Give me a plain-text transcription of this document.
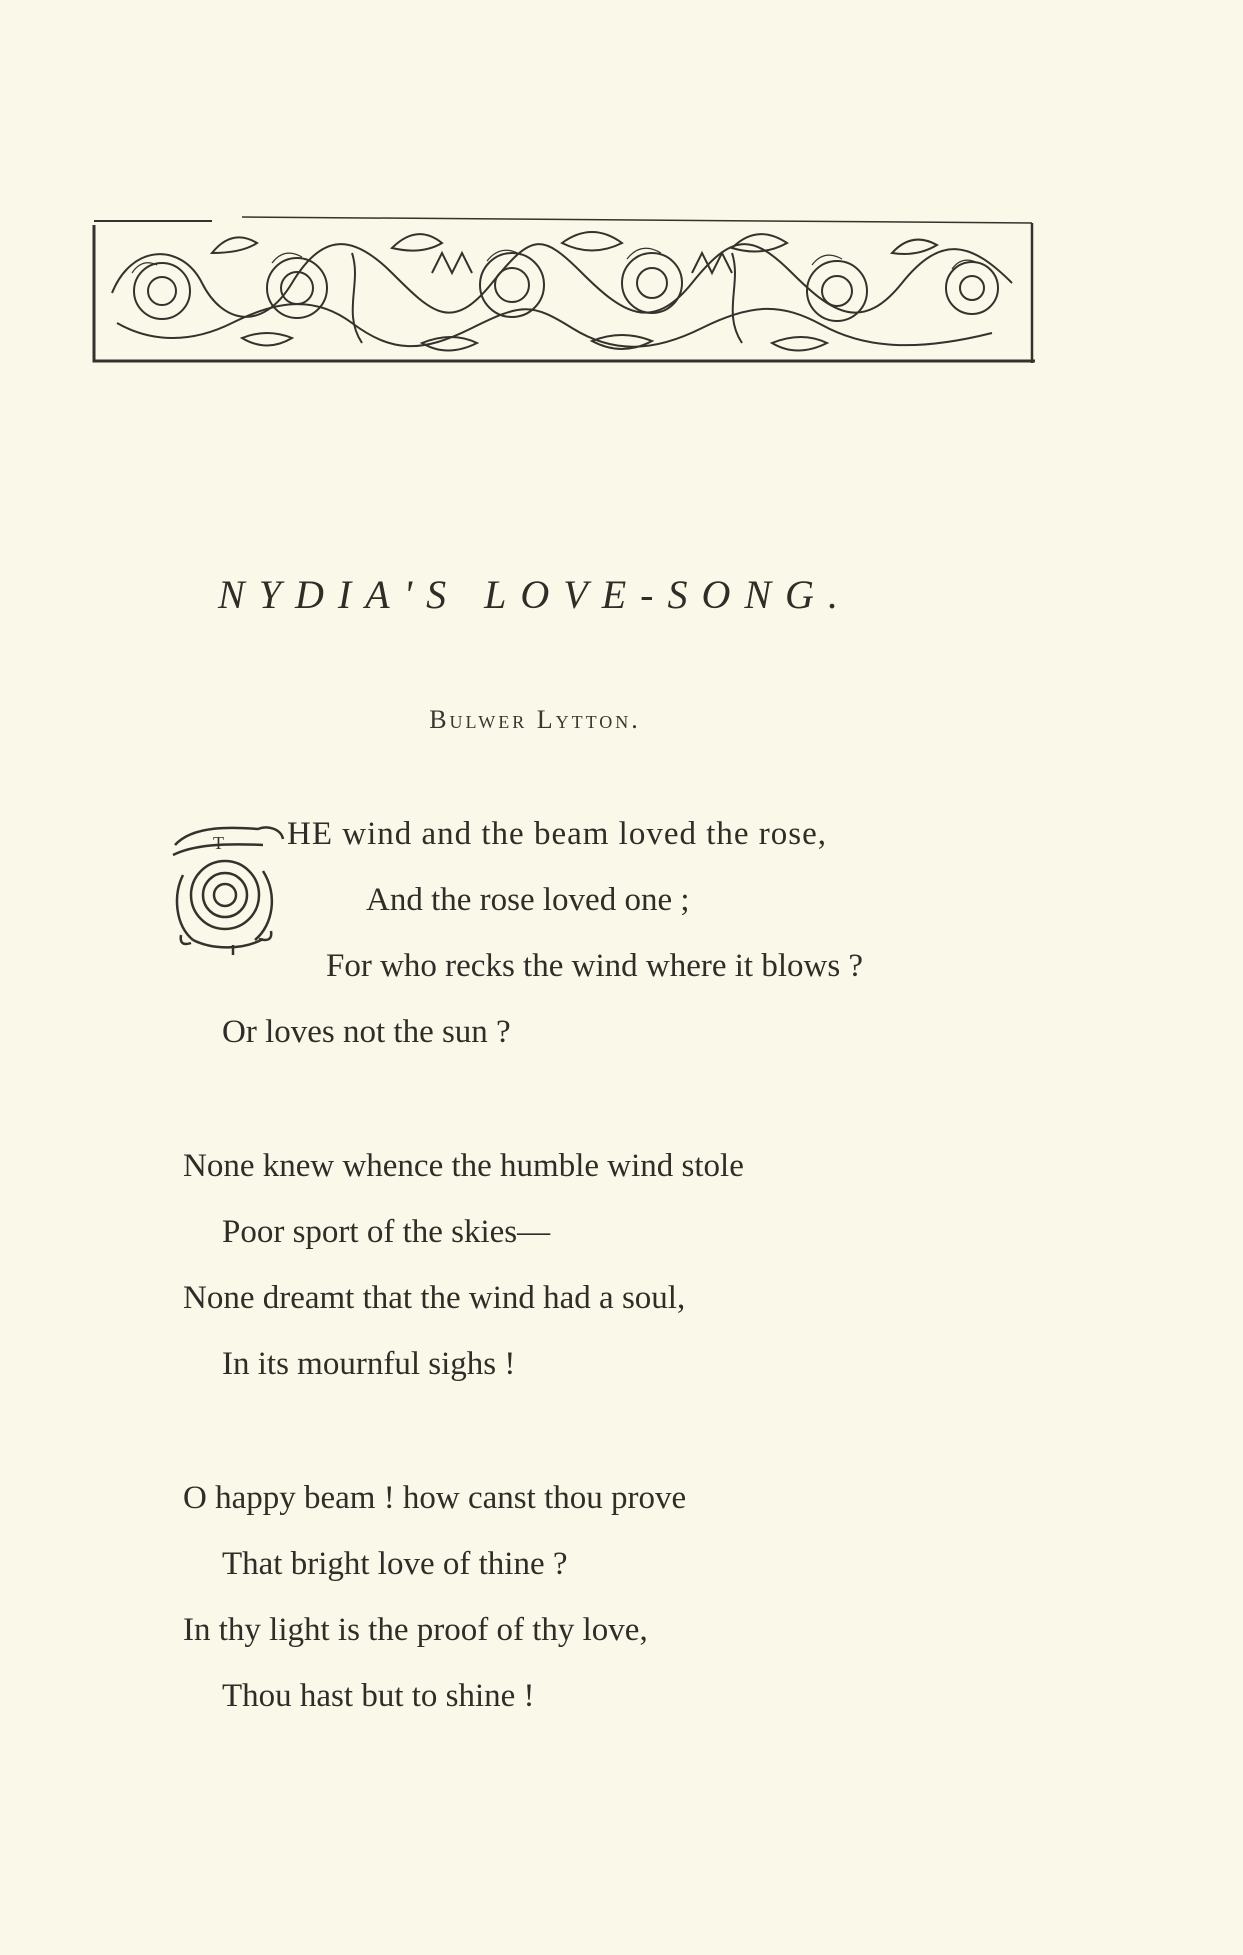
NYDIA'S LOVE-SONG.
Bulwer Lytton.
T HE wind and the beam loved the rose,
And the rose loved one ;
For who recks the wind where it blows ?
Or loves not the sun ?
None knew whence the humble wind stole
Poor sport of the skies—
None dreamt that the wind had a soul,
In its mournful sighs !
O happy beam ! how canst thou prove
That bright love of thine ?
In thy light is the proof of thy love,
Thou hast but to shine !
